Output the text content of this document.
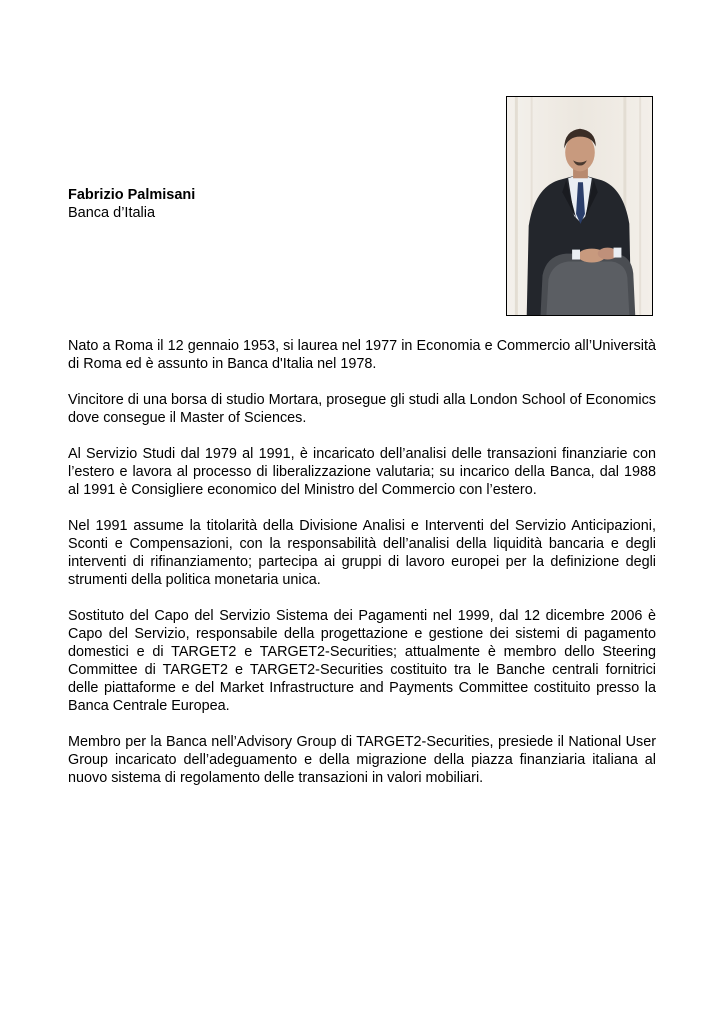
Fabrizio Palmisani
Banca d’Italia

Nato a Roma il 12 gennaio 1953, si laurea nel 1977 in Economia e Commercio all’Università di Roma ed è assunto in Banca d'Italia nel 1978.

Vincitore di una borsa di studio Mortara, prosegue gli studi alla London School of Economics dove consegue il Master of Sciences.

Al Servizio Studi dal 1979 al 1991, è incaricato dell’analisi delle transazioni finanziarie con l’estero e lavora al processo di liberalizzazione valutaria; su incarico della Banca, dal 1988 al 1991 è Consigliere economico del Ministro del Commercio con l’estero.

Nel 1991 assume la titolarità della Divisione Analisi e Interventi del Servizio Anticipazioni, Sconti e Compensazioni, con la responsabilità dell’analisi della liquidità bancaria e degli interventi di rifinanziamento; partecipa ai gruppi di lavoro europei per la definizione degli strumenti della politica monetaria unica.

Sostituto del Capo del Servizio Sistema dei Pagamenti nel 1999, dal 12 dicembre 2006 è Capo del Servizio, responsabile della progettazione e gestione dei sistemi di pagamento domestici e di TARGET2 e TARGET2-Securities; attualmente è membro dello Steering Committee di TARGET2 e TARGET2-Securities costituito tra le Banche centrali fornitrici delle piattaforme e del Market Infrastructure and Payments Committee costituito presso la Banca Centrale Europea.

Membro per la Banca nell’Advisory Group di TARGET2-Securities, presiede il National User Group incaricato dell’adeguamento e della migrazione della piazza finanziaria italiana al nuovo sistema di regolamento delle transazioni in valori mobiliari.
